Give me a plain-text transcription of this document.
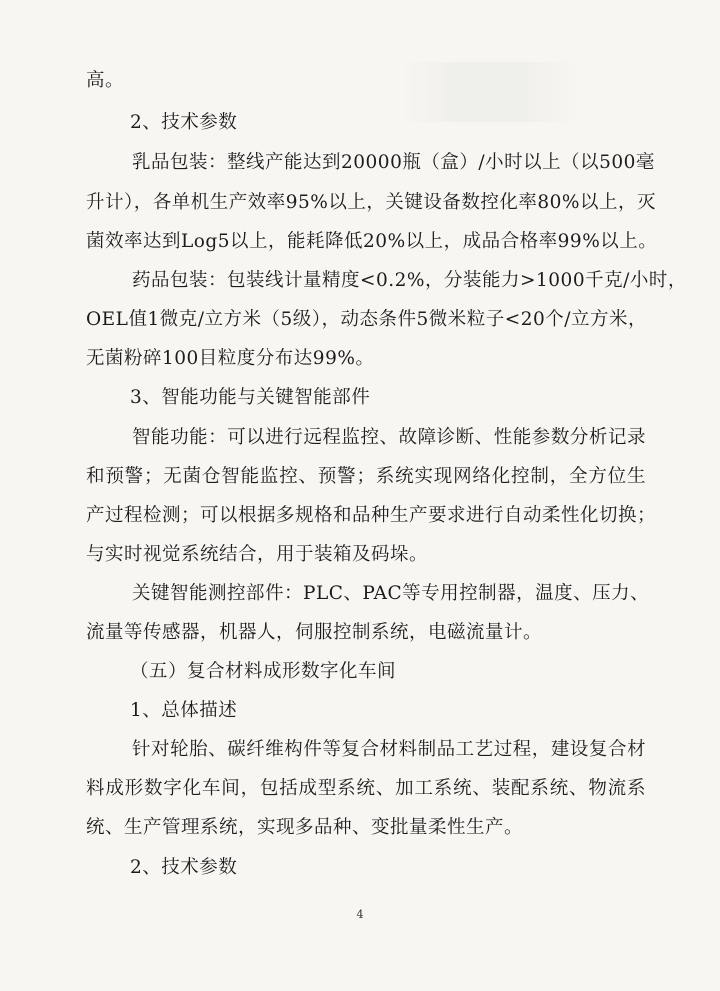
高。
2、技术参数
乳品包装：整线产能达到20000瓶（盒）/小时以上（以500毫
升计），各单机生产效率95%以上，关键设备数控化率80%以上，灭
菌效率达到Log5以上，能耗降低20%以上，成品合格率99%以上。
药品包装：包装线计量精度<0.2%，分装能力>1000千克/小时，
OEL值1微克/立方米（5级），动态条件5微米粒子<20个/立方米，
无菌粉碎100目粒度分布达99%。
3、智能功能与关键智能部件
智能功能：可以进行远程监控、故障诊断、性能参数分析记录
和预警；无菌仓智能监控、预警；系统实现网络化控制，全方位生
产过程检测；可以根据多规格和品种生产要求进行自动柔性化切换；
与实时视觉系统结合，用于装箱及码垛。
关键智能测控部件：PLC、PAC等专用控制器，温度、压力、
流量等传感器，机器人，伺服控制系统，电磁流量计。
（五）复合材料成形数字化车间
1、总体描述
针对轮胎、碳纤维构件等复合材料制品工艺过程，建设复合材
料成形数字化车间，包括成型系统、加工系统、装配系统、物流系
统、生产管理系统，实现多品种、变批量柔性生产。
2、技术参数
4
